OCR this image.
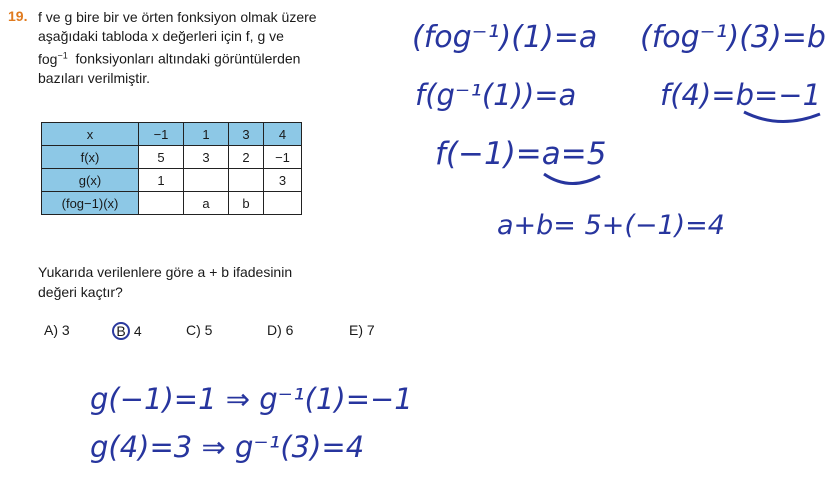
19. f ve g bire bir ve örten fonksiyon olmak üzere
aşağıdaki tabloda x değerleri için f, g ve
fog$^{-1}$ fonksiyonları altındaki görüntülerden
bazıları verilmiştir.
x	−1	1	3	4
f(x)	5	3	2	−1
g(x)	1			3
(fog−1)(x)		a	b	
Yukarıda verilenlere göre a + b ifadesinin
değeri kaçtır?
A) 3	B 4	C) 5	D) 6	E) 7
(fog⁻¹)(1)=a (fog⁻¹)(3)=b
f(g⁻¹(1))=a	f(4)=b=−1
f(−1)=a=5
a+b= 5+(−1)=4
g(−1)=1 ⇒ g⁻¹(1)=−1
g(4)=3 ⇒ g⁻¹(3)=4
